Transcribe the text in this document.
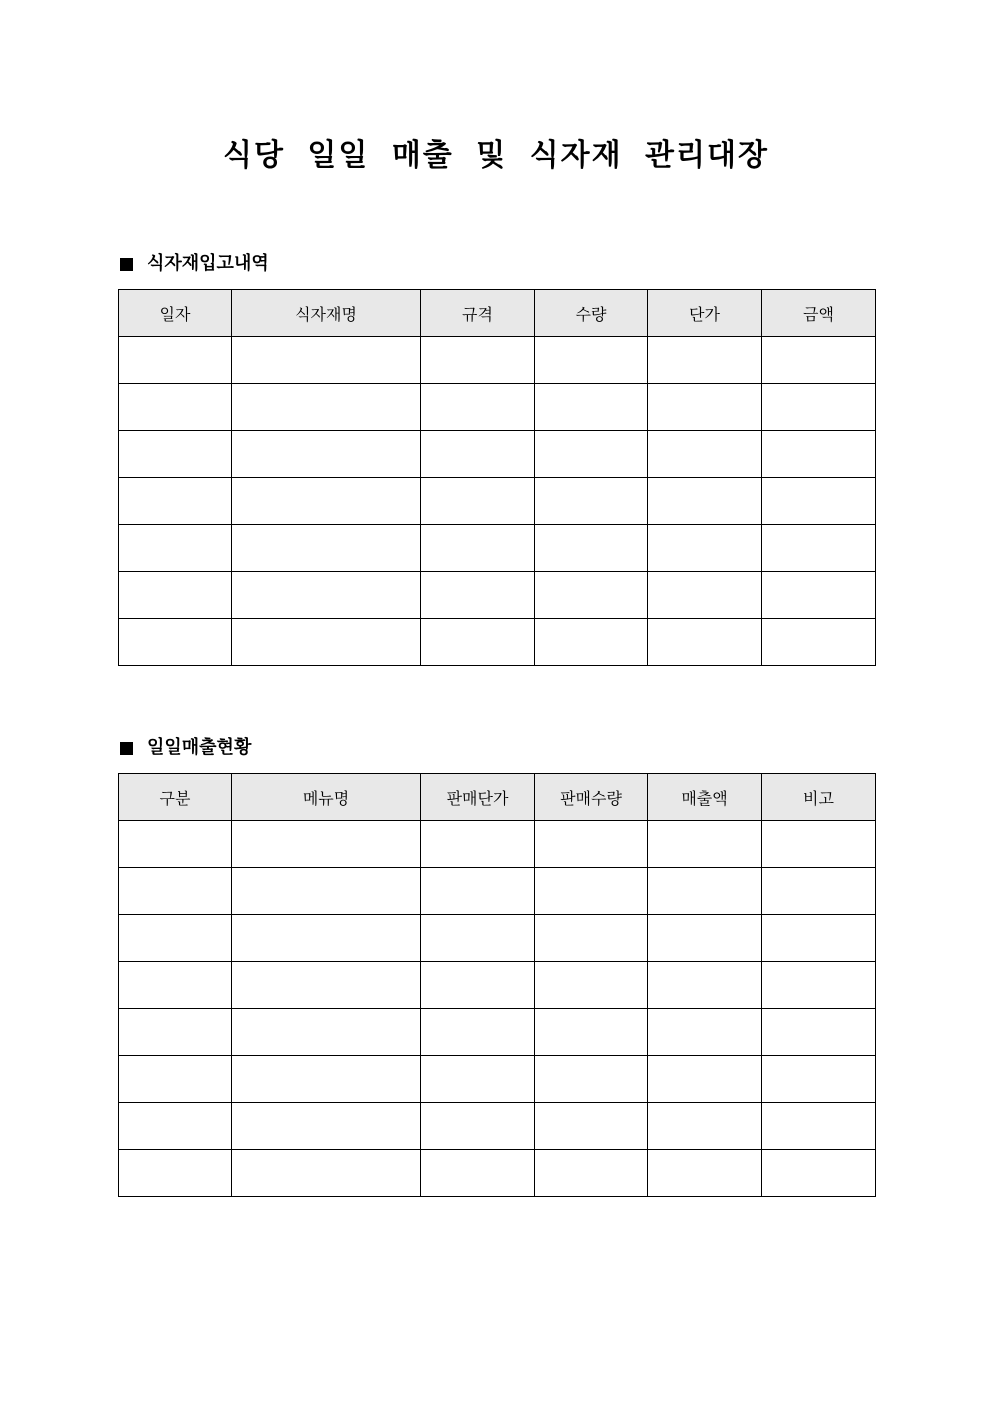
식당 일일 매출 및 식자재 관리대장
식자재입고내역
일자	식자재명	규격	수량	단가	금액

일일매출현황
구분	메뉴명	판매단가	판매수량	매출액	비고
